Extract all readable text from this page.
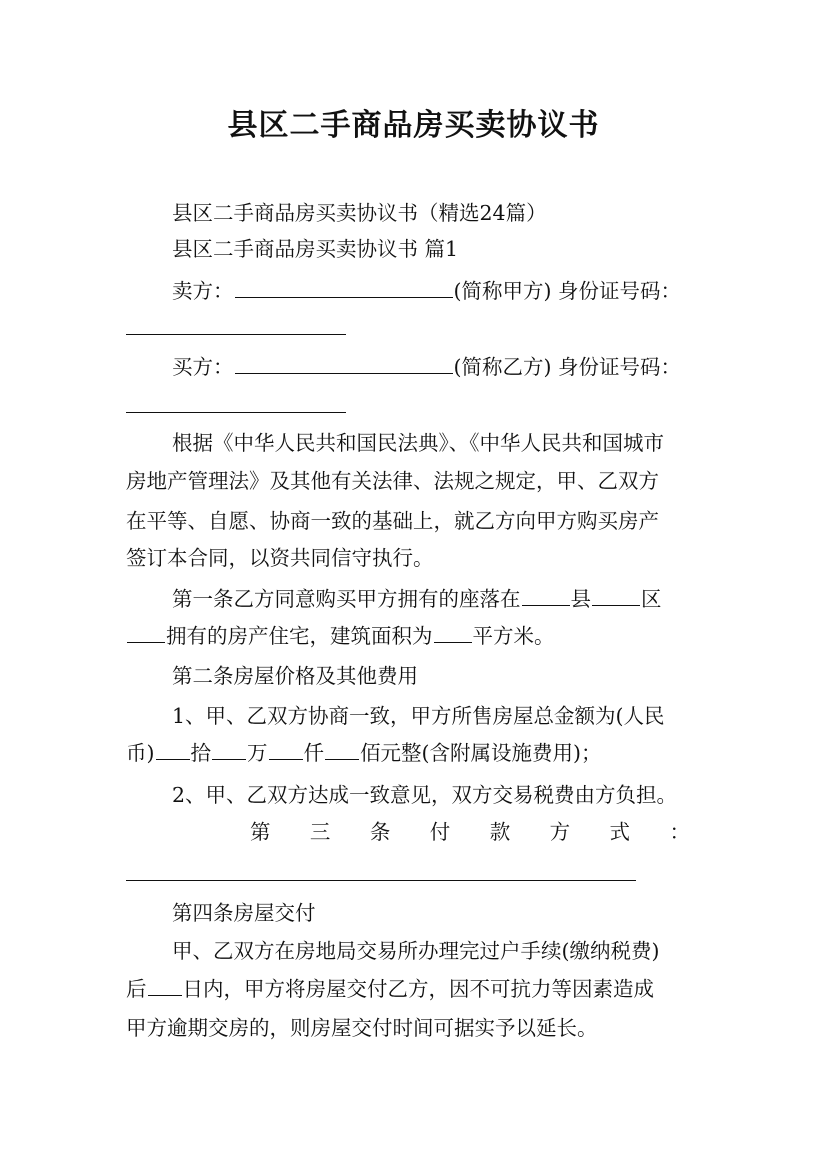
县区二手商品房买卖协议书
县区二手商品房买卖协议书（精选24篇）
县区二手商品房买卖协议书 篇1
卖方：	(简称甲方) 身份证号码：
买方：	(简称乙方) 身份证号码：
根据《中华人民共和国民法典》、《中华人民共和国城市
房地产管理法》及其他有关法律、法规之规定，甲、乙双方
在平等、自愿、协商一致的基础上，就乙方向甲方购买房产
签订本合同，以资共同信守执行。
第一条乙方同意购买甲方拥有的座落在 县 区
拥有的房产住宅，建筑面积为 平方米。
第二条房屋价格及其他费用
1、甲、乙双方协商一致，甲方所售房屋总金额为(人民
币) 拾 万 仟 佰元整(含附属设施费用)；
2、甲、乙双方达成一致意见，双方交易税费由方负担。
第 三 条 付 款 方 式 ：
第四条房屋交付
甲、乙双方在房地局交易所办理完过户手续(缴纳税费)
后 日内，甲方将房屋交付乙方，因不可抗力等因素造成
甲方逾期交房的，则房屋交付时间可据实予以延长。
